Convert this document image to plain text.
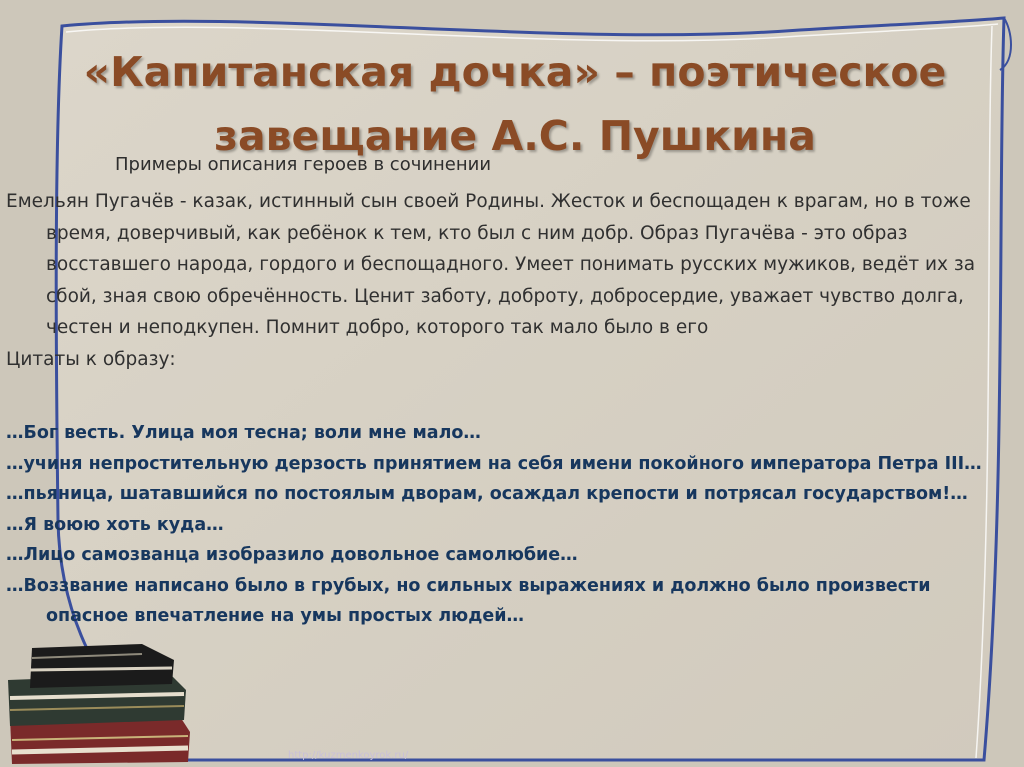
«Капитанская дочка» – поэтическое
завещание А.С. Пушкина
Примеры описания героев в сочинении

Емельян Пугачёв - казак, истинный сын своей Родины. Жесток и беспощаден к врагам, но в тоже время, доверчивый, как ребёнок к тем, кто был с ним добр. Образ Пугачёва - это образ восставшего народа, гордого и беспощадного. Умеет понимать русских мужиков, ведёт их за сбой, зная свою обречённость. Ценит заботу, доброту, добросердие, уважает чувство долга, честен и неподкупен. Помнит добро, которого так мало было в его

Цитаты к образу:

…Бог весть. Улица моя тесна; воли мне мало…

…учиня непростительную дерзость принятием на себя имени покойного императора Петра III…

…пьяница, шатавшийся по постоялым дворам, осаждал крепости и потрясал государством!…

…Я воюю хоть куда…

…Лицо самозванца изобразило довольное самолюбие…

…Воззвание написано было в грубых, но сильных выражениях и должно было произвести опасное впечатление на умы простых людей…

http://kuzmenkoyrok.ru/
